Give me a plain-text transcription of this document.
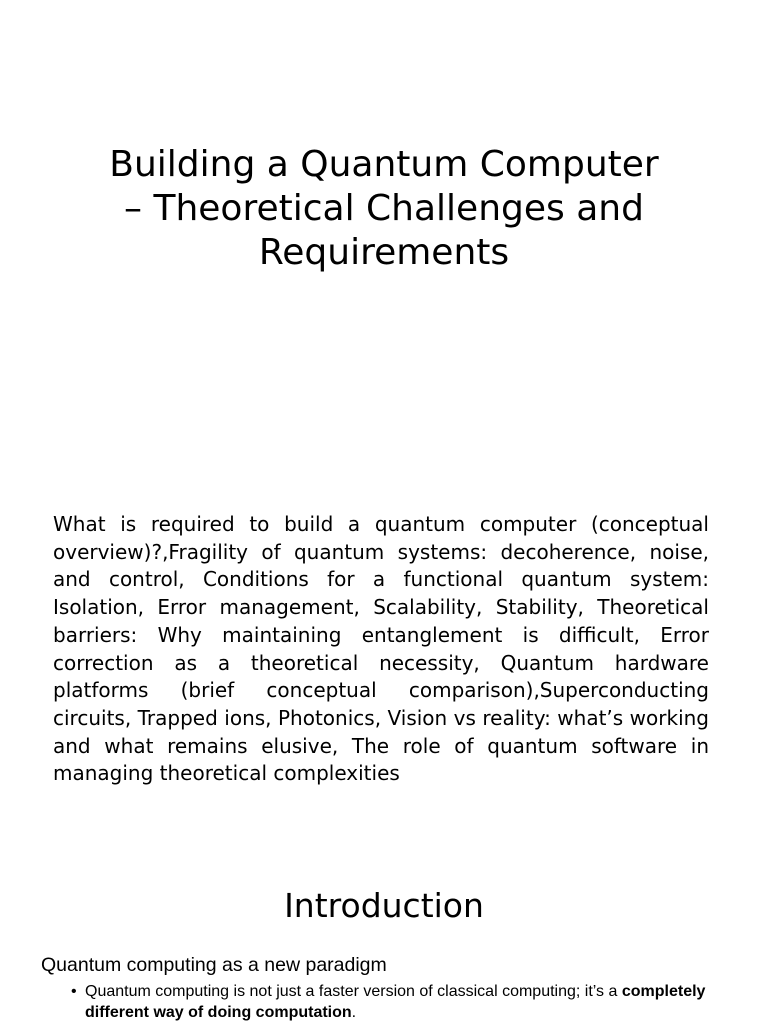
Building a Quantum Computer
– Theoretical Challenges and
Requirements

What is required to build a quantum computer (conceptual overview)?,Fragility of quantum systems: decoherence, noise, and control, Conditions for a functional quantum system: Isolation, Error management, Scalability, Stability, Theoretical barriers: Why maintaining entanglement is difficult, Error correction as a theoretical necessity, Quantum hardware platforms (brief conceptual comparison),Superconducting circuits, Trapped ions, Photonics, Vision vs reality: what’s working and what remains elusive, The role of quantum software in managing theoretical complexities

Introduction

Quantum computing as a new paradigm

• Quantum computing is not just a faster version of classical computing; it’s a completely different way of doing computation.
